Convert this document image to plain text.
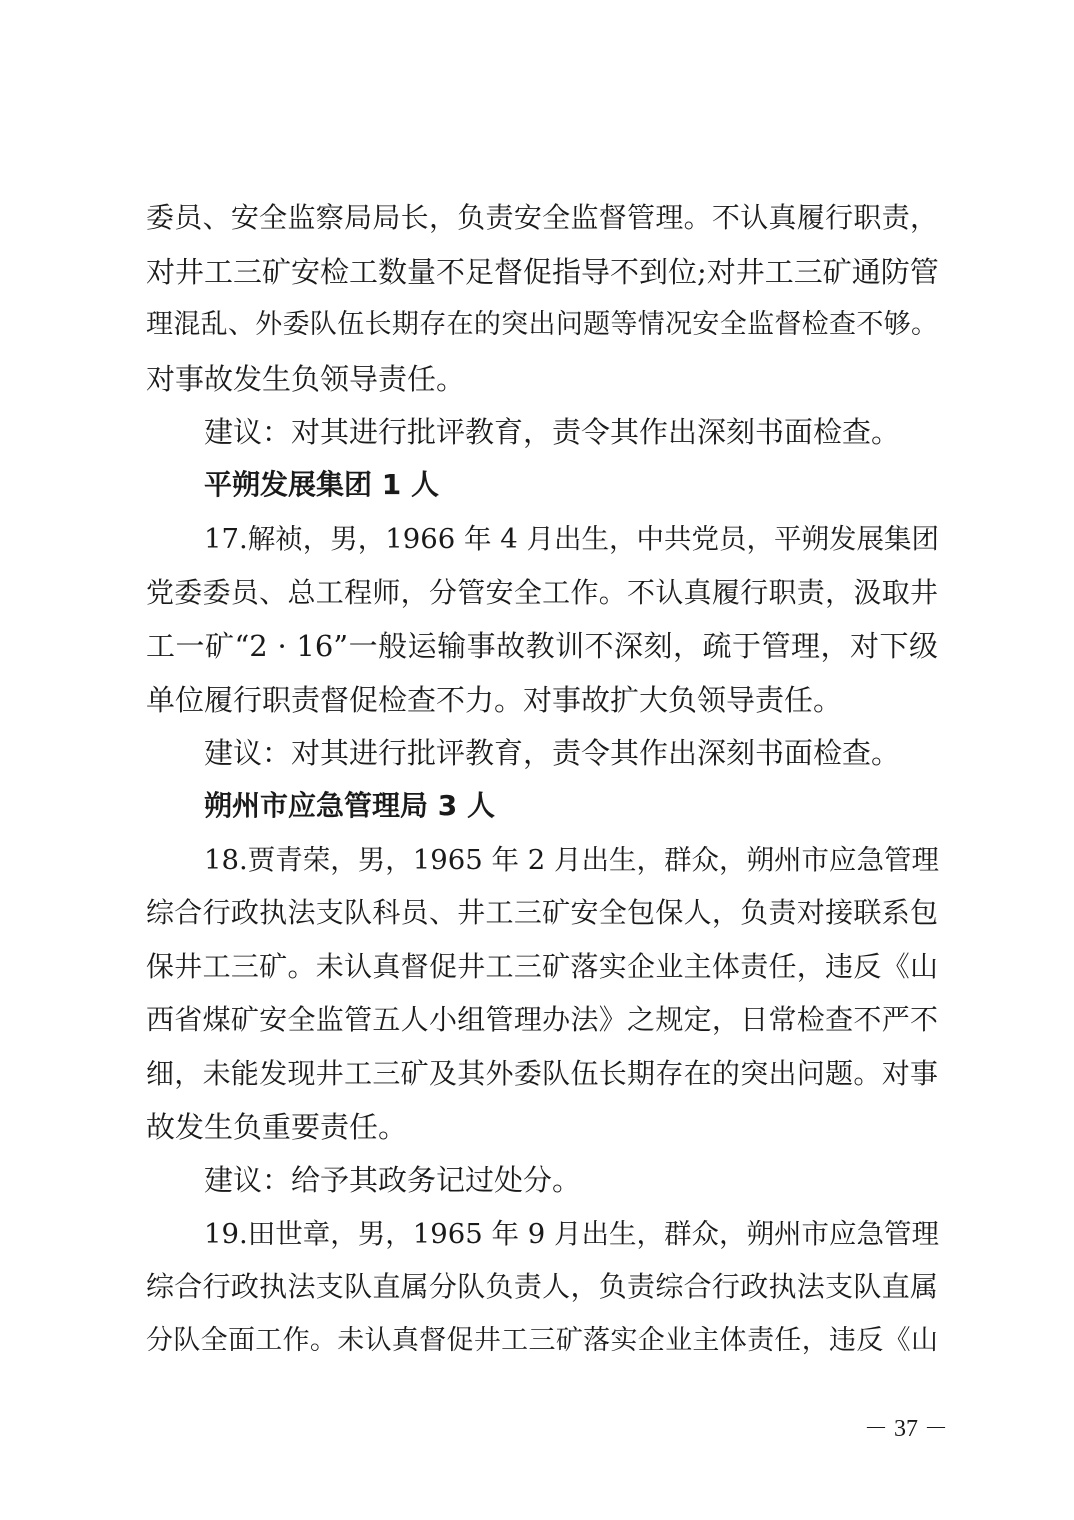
委员、安全监察局局长，负责安全监督管理。不认真履行职责，
对井工三矿安检工数量不足督促指导不到位;对井工三矿通防管
理混乱、外委队伍长期存在的突出问题等情况安全监督检查不够。
对事故发生负领导责任。
建议：对其进行批评教育，责令其作出深刻书面检查。
平朔发展集团 1 人
17.解祯，男，1966 年 4 月出生，中共党员，平朔发展集团
党委委员、总工程师，分管安全工作。不认真履行职责，汲取井
工一矿“2 · 16”一般运输事故教训不深刻，疏于管理，对下级
单位履行职责督促检查不力。对事故扩大负领导责任。
建议：对其进行批评教育，责令其作出深刻书面检查。
朔州市应急管理局 3 人
18.贾青荣，男，1965 年 2 月出生，群众，朔州市应急管理
综合行政执法支队科员、井工三矿安全包保人，负责对接联系包
保井工三矿。未认真督促井工三矿落实企业主体责任，违反《山
西省煤矿安全监管五人小组管理办法》之规定，日常检查不严不
细，未能发现井工三矿及其外委队伍长期存在的突出问题。对事
故发生负重要责任。
建议：给予其政务记过处分。
19.田世章，男，1965 年 9 月出生，群众，朔州市应急管理
综合行政执法支队直属分队负责人，负责综合行政执法支队直属
分队全面工作。未认真督促井工三矿落实企业主体责任，违反《山
－ 37 －
